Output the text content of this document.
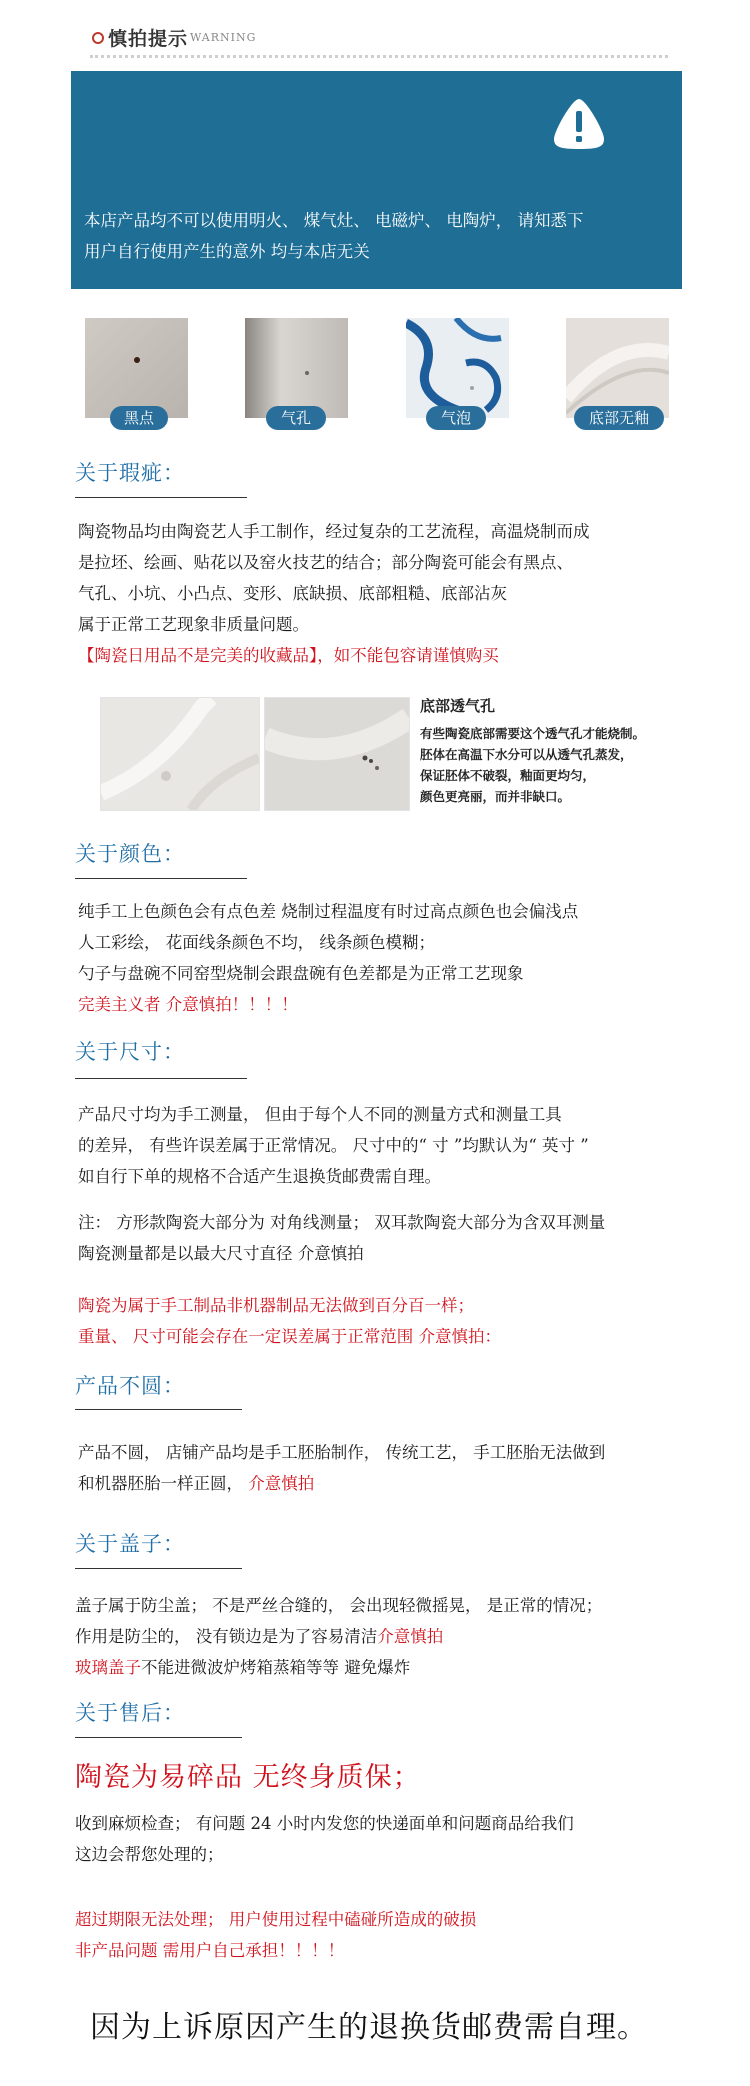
慎拍提示 WARNING
本店产品均不可以使用明火、 煤气灶、 电磁炉、 电陶炉， 请知悉下
用户自行使用产生的意外 均与本店无关
黑点	气孔	气泡	底部无釉
关于瑕疵：
陶瓷物品均由陶瓷艺人手工制作，经过复杂的工艺流程，高温烧制而成
是拉坯、绘画、贴花以及窑火技艺的结合；部分陶瓷可能会有黑点、
气孔、小坑、小凸点、变形、底缺损、底部粗糙、底部沾灰
属于正常工艺现象非质量问题。
【陶瓷日用品不是完美的收藏品】，如不能包容请谨慎购买
底部透气孔
有些陶瓷底部需要这个透气孔才能烧制。
胚体在高温下水分可以从透气孔蒸发，
保证胚体不破裂，釉面更均匀，
颜色更亮丽，而并非缺口。
关于颜色：
纯手工上色颜色会有点色差 烧制过程温度有时过高点颜色也会偏浅点
人工彩绘， 花面线条颜色不均， 线条颜色模糊；
勺子与盘碗不同窑型烧制会跟盘碗有色差都是为正常工艺现象
完美主义者 介意慎拍！！！！
关于尺寸：
产品尺寸均为手工测量， 但由于每个人不同的测量方式和测量工具
的差异， 有些许误差属于正常情况。 尺寸中的“ 寸 ”均默认为“ 英寸 ”
如自行下单的规格不合适产生退换货邮费需自理。
注： 方形款陶瓷大部分为 对角线测量； 双耳款陶瓷大部分为含双耳测量
陶瓷测量都是以最大尺寸直径 介意慎拍
陶瓷为属于手工制品非机器制品无法做到百分百一样；
重量、 尺寸可能会存在一定误差属于正常范围 介意慎拍：
产品不圆：
产品不圆， 店铺产品均是手工胚胎制作， 传统工艺， 手工胚胎无法做到
和机器胚胎一样正圆， 介意慎拍
关于盖子：
盖子属于防尘盖； 不是严丝合缝的， 会出现轻微摇晃， 是正常的情况；
作用是防尘的， 没有锁边是为了容易清洁介意慎拍
玻璃盖子不能进微波炉烤箱蒸箱等等 避免爆炸
关于售后：
陶瓷为易碎品 无终身质保；
收到麻烦检查； 有问题 24 小时内发您的快递面单和问题商品给我们
这边会帮您处理的；
超过期限无法处理； 用户使用过程中磕碰所造成的破损
非产品问题 需用户自己承担！！！！
因为上诉原因产生的退换货邮费需自理。
